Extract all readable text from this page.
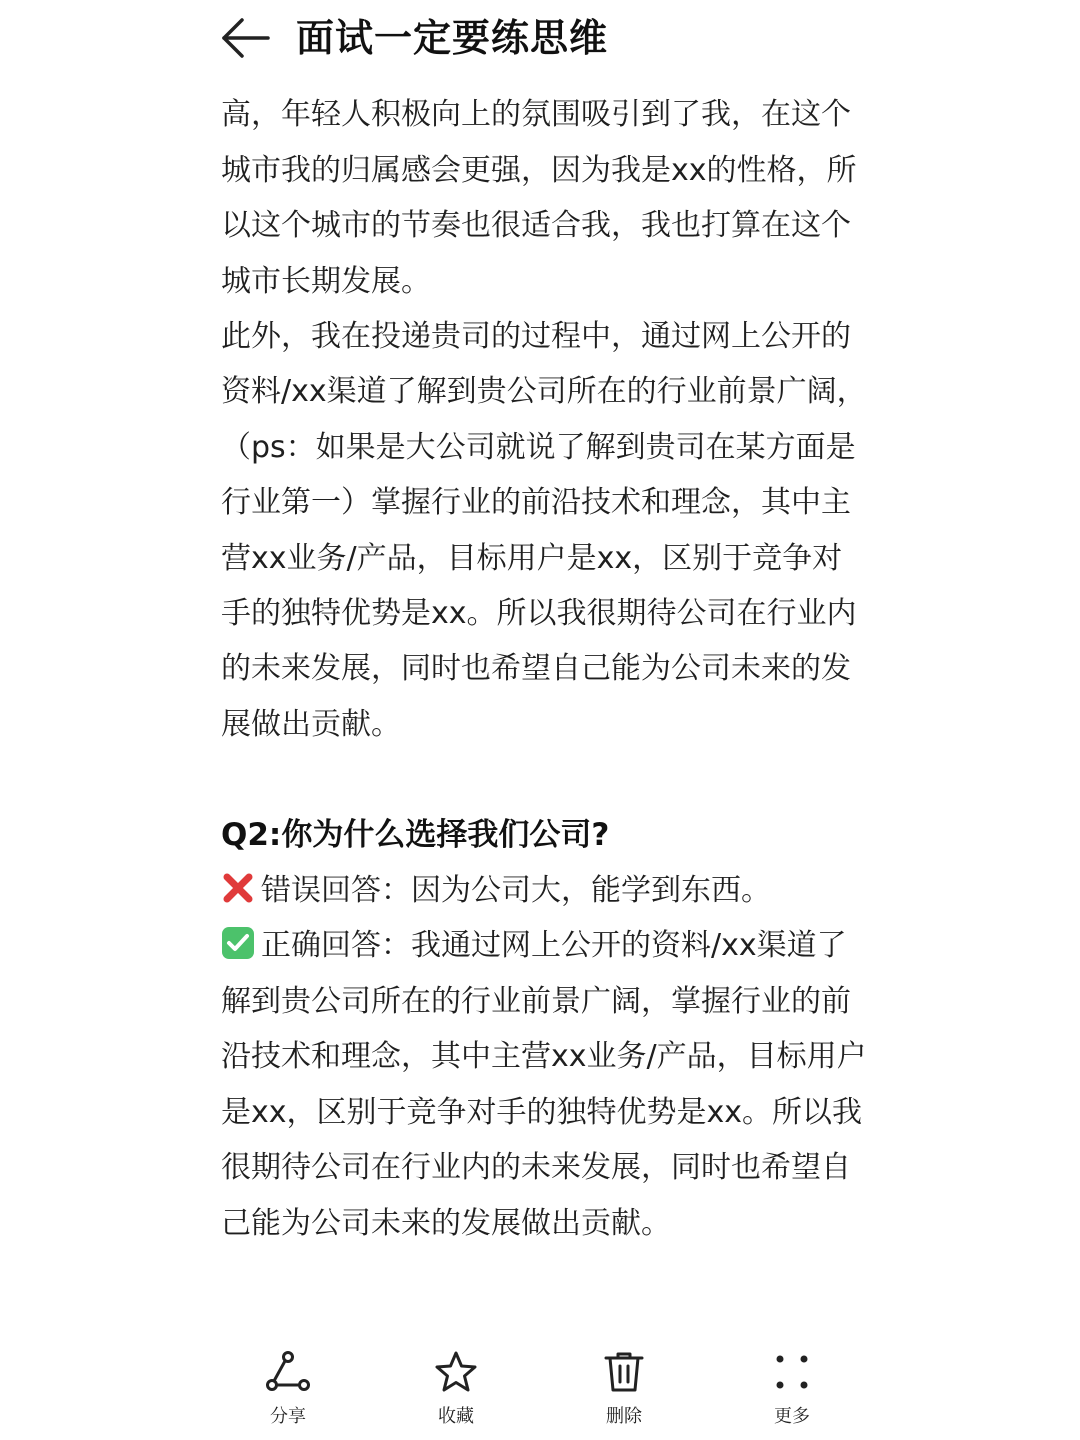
面试一定要练思维

高，年轻人积极向上的氛围吸引到了我，在这个城市我的归属感会更强，因为我是xx的性格，所以这个城市的节奏也很适合我，我也打算在这个城市长期发展。

此外，我在投递贵司的过程中，通过网上公开的资料/xx渠道了解到贵公司所在的行业前景广阔，（ps：如果是大公司就说了解到贵司在某方面是行业第一）掌握行业的前沿技术和理念，其中主营xx业务/产品，目标用户是xx，区别于竞争对手的独特优势是xx。所以我很期待公司在行业内的未来发展，同时也希望自己能为公司未来的发展做出贡献。

Q2:你为什么选择我们公司?

错误回答：因为公司大，能学到东西。

正确回答：我通过网上公开的资料/xx渠道了解到贵公司所在的行业前景广阔，掌握行业的前沿技术和理念，其中主营xx业务/产品，目标用户是xx，区别于竞争对手的独特优势是xx。所以我很期待公司在行业内的未来发展，同时也希望自己能为公司未来的发展做出贡献。

分享	收藏	删除	更多
